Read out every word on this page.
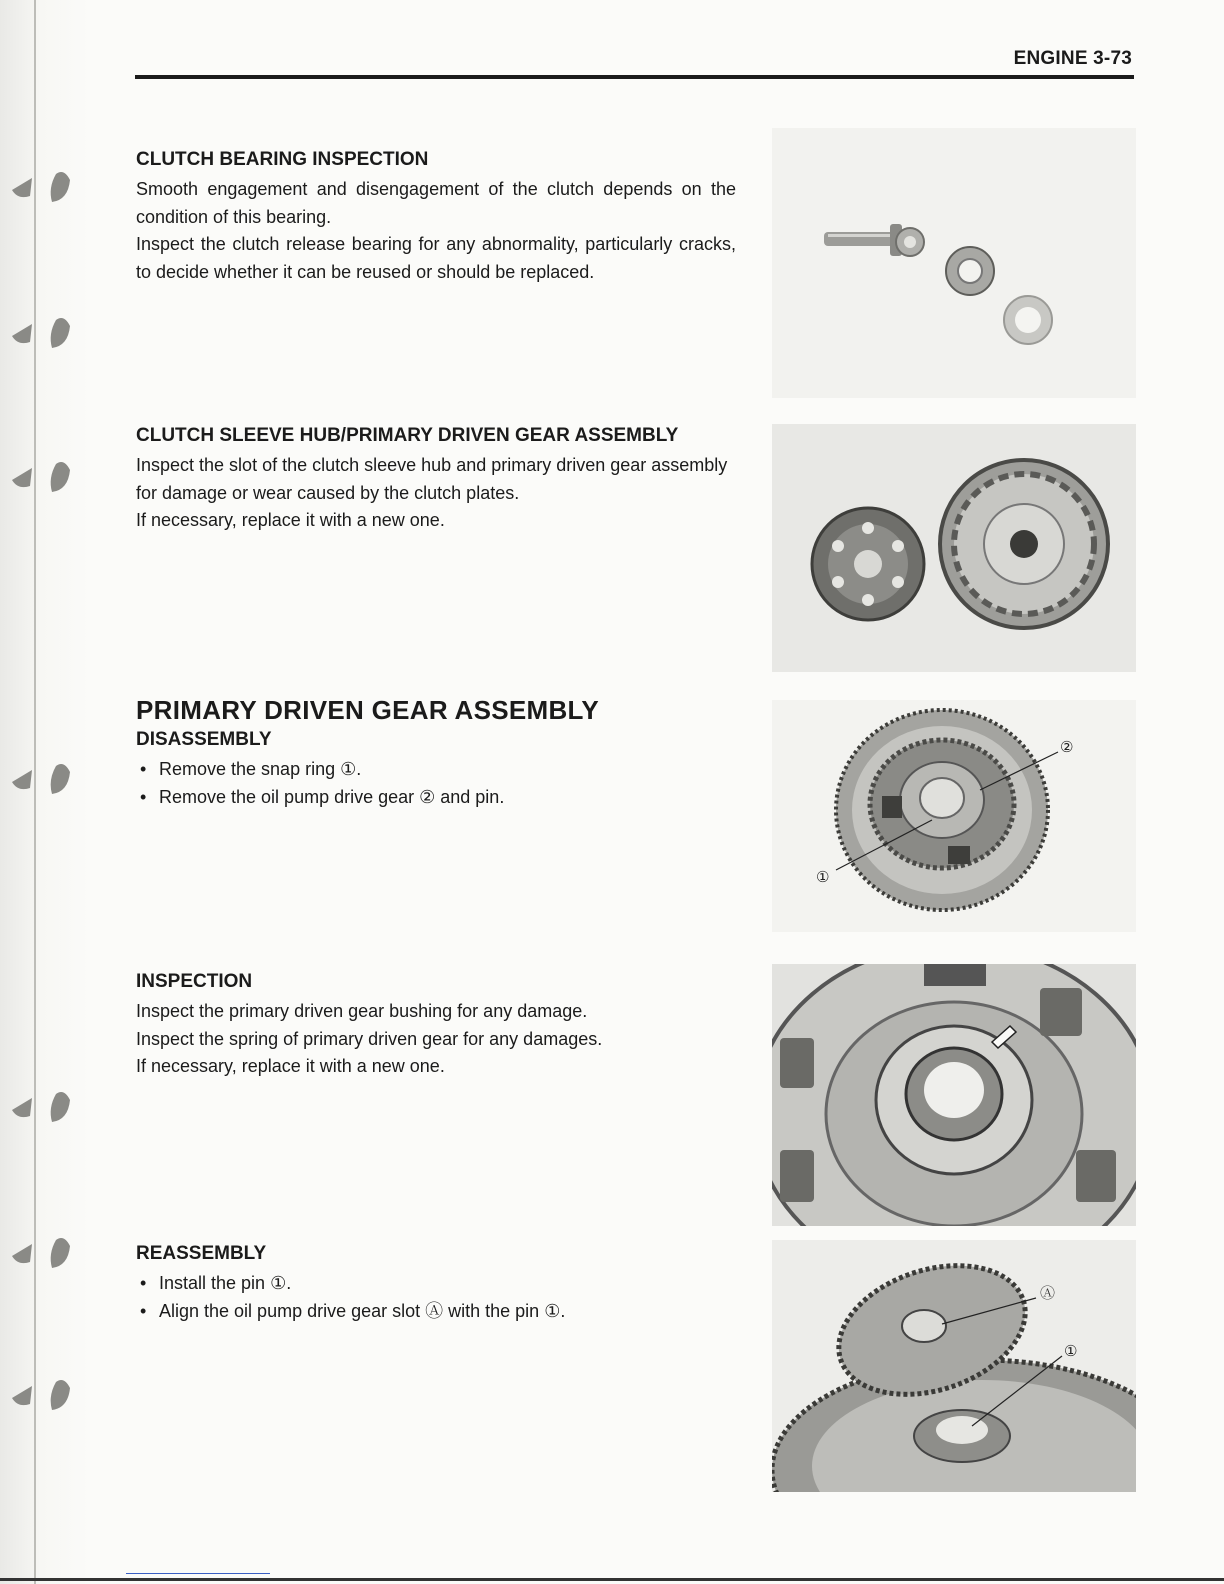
ENGINE 3-73
CLUTCH BEARING INSPECTION

Smooth engagement and disengagement of the clutch depends on the condition of this bearing.

Inspect the clutch release bearing for any abnormality, particularly cracks, to decide whether it can be reused or should be replaced.

CLUTCH SLEEVE HUB/PRIMARY DRIVEN GEAR ASSEMBLY

Inspect the slot of the clutch sleeve hub and primary driven gear assembly for damage or wear caused by the clutch plates.

If necessary, replace it with a new one.

PRIMARY DRIVEN GEAR ASSEMBLY
DISASSEMBLY
• Remove the snap ring ①.
• Remove the oil pump drive gear ② and pin.
INSPECTION

Inspect the primary driven gear bushing for any damage.

Inspect the spring of primary driven gear for any damages.

If necessary, replace it with a new one.

REASSEMBLY
• Install the pin ①.
• Align the oil pump drive gear slot Ⓐ with the pin ①.
②
①
Ⓐ
①
